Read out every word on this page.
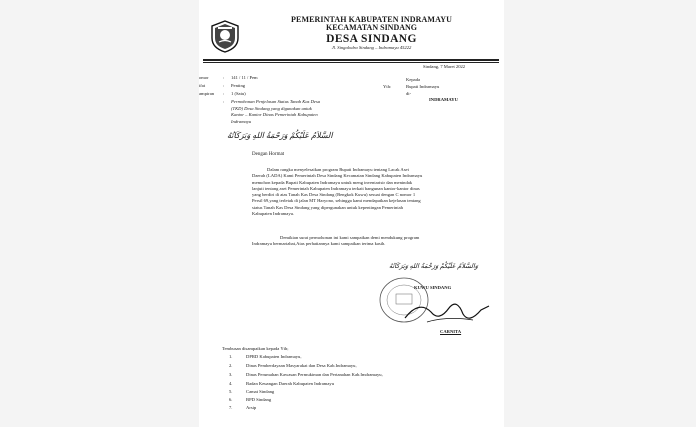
PEMERINTAH KABUPATEN INDRAMAYU
KECAMATAN SINDANG
DESA SINDANG
Jl. Singalodra Sindang – Indramayu 45222
Sindang, 7 Maret 2022
omor	: 141 / 11 / Pem
ifat	: Penting
ampiran : 1 (Satu)
: Permohonan Penjelasan Status Tanah Kas Desa
(TKD) Desa Sindang yang digunakan untuk
Kantor – Kantor Dinas Pemerintah Kabupaten
Indramayu
Kepada
Yth:	Bupati Indramayu
di-
INDRAMAYU
ﺍﻟﺴَّﻼَﻡُ ﻋَﻠَﻴْﻜُﻢْ ﻭَﺭَﺣْﻤَﺔُ ﺍﻟﻠﻪِ ﻭَﺑَﺮَﻛَﺎﺗُﻪُ
Dengan Hormat
Dalam rangka menyelesaikan program Bupati Indramayu tentang Lacak Aset
Daerah (LADA) Kami Pemerintah Desa Sindang Kecamatan Sindang Kabupaten Indramayu
memohon kepada Bupati Kabupaten Indramayu untuk meng inventarisir dan menindak
lanjuti tentang aset Pemerintah Kabupaten Indramayu terkait bangunan kantor-kantor dinas
yang berdiri di atas Tanah Kas Desa Sindang (Bengkok Kuwu) sesuai dengan C nomor 1
Persil 69,yang terletak di jalan MT Haryono, sehingga kami mendapatkan kejelasan tentang
status Tanah Kas Desa Sindang yang dipergunakan untuk kepentingan Pemerintah
Kabupaten Indramayu.
Demikian surat permohonan ini kami sampaikan demi mendukung program
Indramayu bermartabat,Atas perhatiannya kami sampaikan terima kasih.
ﻭَﺍﻟﺴَّﻼَﻡُ ﻋَﻠَﻴْﻜُﻢْ ﻭَﺭَﺣْﻤَﺔُ ﺍﻟﻠﻪِ ﻭَﺑَﺮَﻛَﺎﺗُﻪُ
KUWU SINDANG
CARNITA
Tembusan disampaikan kepada Yth;
1.	DPRD Kabupaten Indramayu,
2.	Dinas Pemberdayaan Masyarakat dan Desa Kab.Indramayu,
3.	Dinas Perumahan Kawasan Permukiman dan Pertanahan Kab.Imdramayu,
4.	Badan Keuangan Daerah Kabupaten Indramayu
5.	Camat Sindang
6.	BPD Sindang
7.	Arsip
